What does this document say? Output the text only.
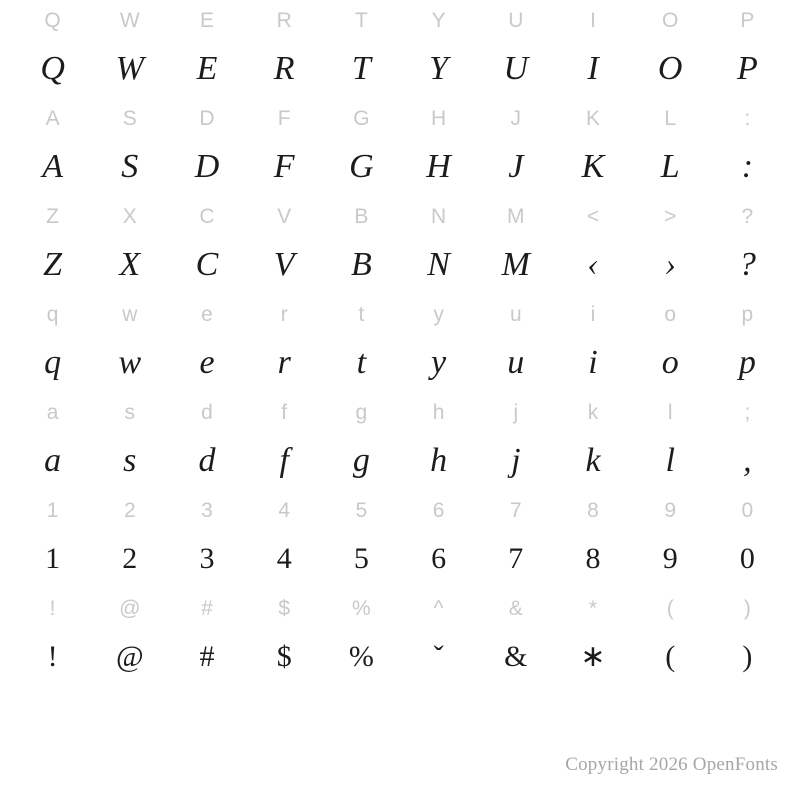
Q	W	E	R	T	Y	U	I	O	P
Q	W	E	R	T	Y	U	I	O	P
A	S	D	F	G	H	J	K	L	:
A	S	D	F	G	H	J	K	L	:
Z	X	C	V	B	N	M	<	>	?
Z	X	C	V	B	N	M	‹	›	?
q	w	e	r	t	y	u	i	o	p
q	w	e	r	t	y	u	i	o	p
a	s	d	f	g	h	j	k	l	;
a	s	d	f	g	h	j	k	l	,
1	2	3	4	5	6	7	8	9	0
1	2	3	4	5	6	7	8	9	0
!	@	#	$	%	^	&	*	(	)
!	@	#	$	%	ˇ	&	∗	(	)
Copyright 2026 OpenFonts
